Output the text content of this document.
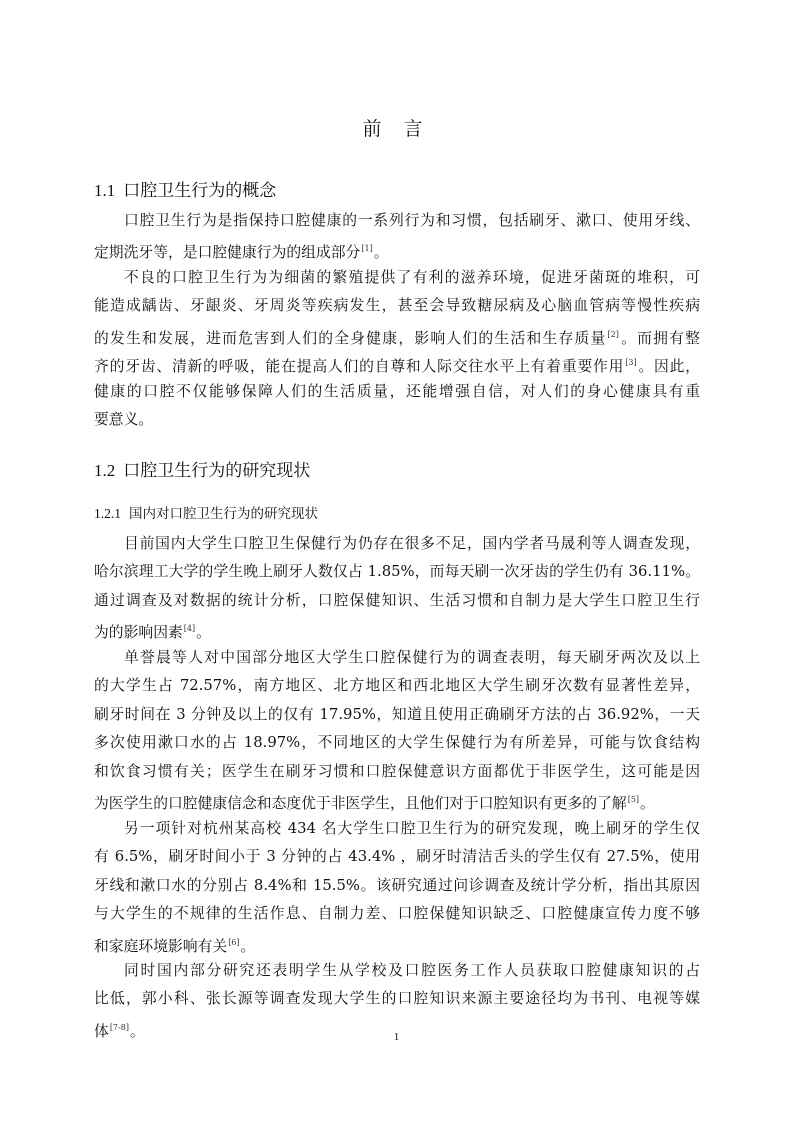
前 言
1.1 口腔卫生行为的概念
口腔卫生行为是指保持口腔健康的一系列行为和习惯，包括刷牙、漱口、使用牙线、
定期洗牙等，是口腔健康行为的组成部分[1]。
不良的口腔卫生行为为细菌的繁殖提供了有利的滋养环境，促进牙菌斑的堆积，可
能造成龋齿、牙龈炎、牙周炎等疾病发生，甚至会导致糖尿病及心脑血管病等慢性疾病
的发生和发展，进而危害到人们的全身健康，影响人们的生活和生存质量[2]。而拥有整
齐的牙齿、清新的呼吸，能在提高人们的自尊和人际交往水平上有着重要作用[3]。因此，
健康的口腔不仅能够保障人们的生活质量，还能增强自信，对人们的身心健康具有重
要意义。
1.2 口腔卫生行为的研究现状
1.2.1 国内对口腔卫生行为的研究现状
目前国内大学生口腔卫生保健行为仍存在很多不足，国内学者马晟利等人调查发现，
哈尔滨理工大学的学生晚上刷牙人数仅占 1.85%，而每天刷一次牙齿的学生仍有 36.11%。
通过调查及对数据的统计分析，口腔保健知识、生活习惯和自制力是大学生口腔卫生行
为的影响因素[4]。
单誉晨等人对中国部分地区大学生口腔保健行为的调查表明，每天刷牙两次及以上
的大学生占 72.57%，南方地区、北方地区和西北地区大学生刷牙次数有显著性差异，
刷牙时间在 3 分钟及以上的仅有 17.95%，知道且使用正确刷牙方法的占 36.92%，一天
多次使用漱口水的占 18.97%，不同地区的大学生保健行为有所差异，可能与饮食结构
和饮食习惯有关；医学生在刷牙习惯和口腔保健意识方面都优于非医学生，这可能是因
为医学生的口腔健康信念和态度优于非医学生，且他们对于口腔知识有更多的了解[5]。
另一项针对杭州某高校 434 名大学生口腔卫生行为的研究发现，晚上刷牙的学生仅
有 6.5%，刷牙时间小于 3 分钟的占 43.4% ，刷牙时清洁舌头的学生仅有 27.5%，使用
牙线和漱口水的分别占 8.4%和 15.5%。该研究通过问诊调查及统计学分析，指出其原因
与大学生的不规律的生活作息、自制力差、口腔保健知识缺乏、口腔健康宣传力度不够
和家庭环境影响有关[6]。
同时国内部分研究还表明学生从学校及口腔医务工作人员获取口腔健康知识的占
比低，郭小科、张长源等调查发现大学生的口腔知识来源主要途径均为书刊、电视等媒
体[7-8]。	1
